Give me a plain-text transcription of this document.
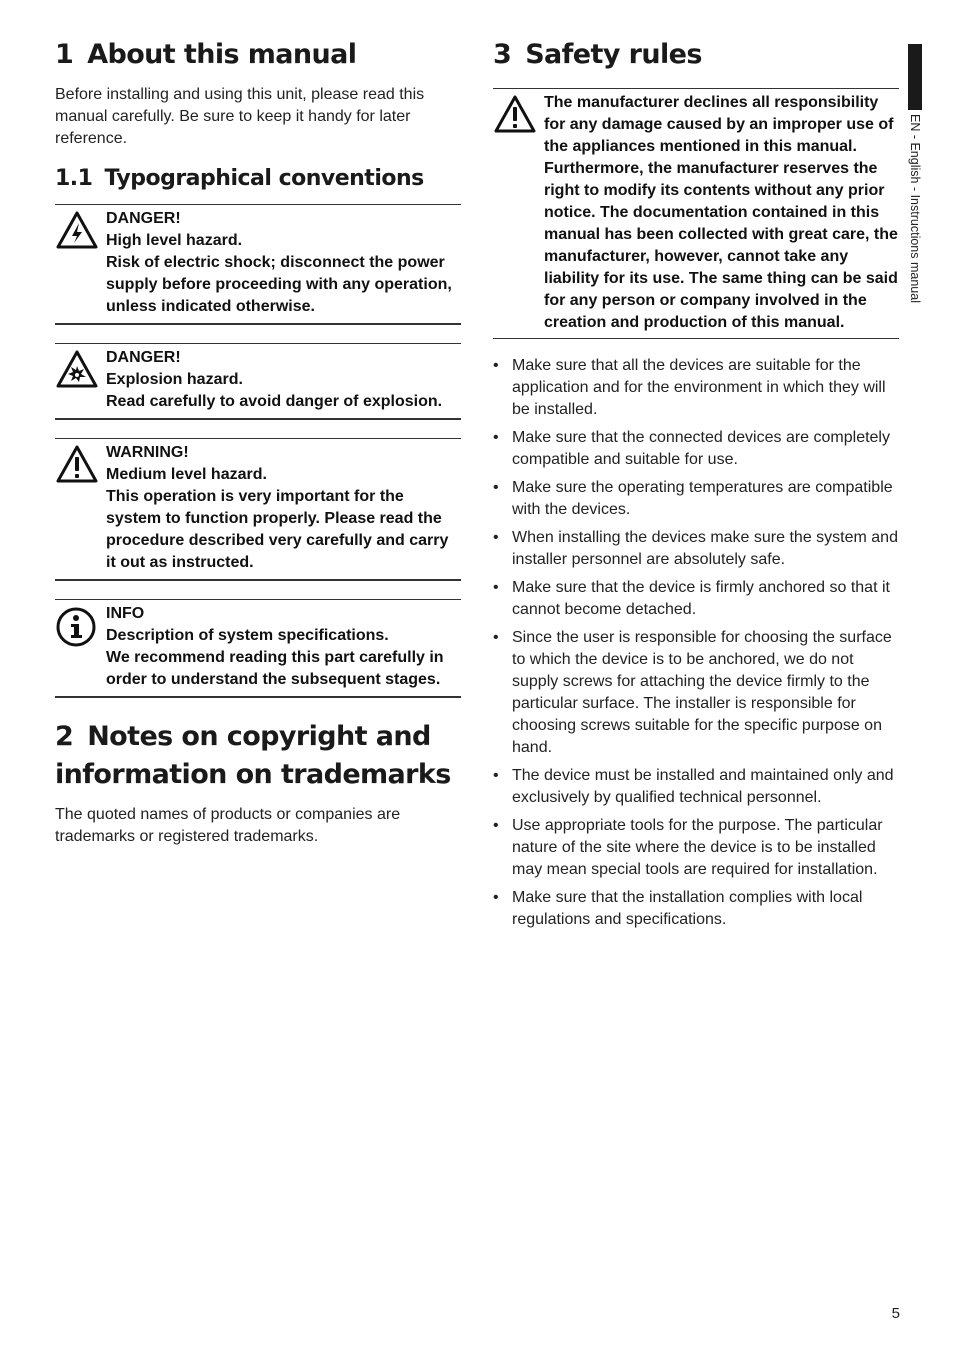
EN - English - Instructions manual
1 About this manual

Before installing and using this unit, please read this manual carefully. Be sure to keep it handy for later reference.

1.1 Typographical conventions
DANGER!
High level hazard.
Risk of electric shock; disconnect the power supply before proceeding with any operation, unless indicated otherwise.
DANGER!
Explosion hazard.
Read carefully to avoid danger of explosion.
WARNING!
Medium level hazard.
This operation is very important for the system to function properly. Please read the procedure described very carefully and carry it out as instructed.
INFO
Description of system specifications.
We recommend reading this part carefully in order to understand the subsequent stages.
2 Notes on copyright and information on trademarks

The quoted names of products or companies are trademarks or registered trademarks.

3 Safety rules
The manufacturer declines all responsibility for any damage caused by an improper use of the appliances mentioned in this manual. Furthermore, the manufacturer reserves the right to modify its contents without any prior notice. The documentation contained in this manual has been collected with great care, the manufacturer, however, cannot take any liability for its use. The same thing can be said for any person or company involved in the creation and production of this manual.
• Make sure that all the devices are suitable for the application and for the environment in which they will be installed.
• Make sure that the connected devices are completely compatible and suitable for use.
• Make sure the operating temperatures are compatible with the devices.
• When installing the devices make sure the system and installer personnel are absolutely safe.
• Make sure that the device is firmly anchored so that it cannot become detached.
• Since the user is responsible for choosing the surface to which the device is to be anchored, we do not supply screws for attaching the device firmly to the particular surface. The installer is responsible for choosing screws suitable for the specific purpose on hand.
• The device must be installed and maintained only and exclusively by qualified technical personnel.
• Use appropriate tools for the purpose. The particular nature of the site where the device is to be installed may mean special tools are required for installation.
• Make sure that the installation complies with local regulations and specifications.
5
